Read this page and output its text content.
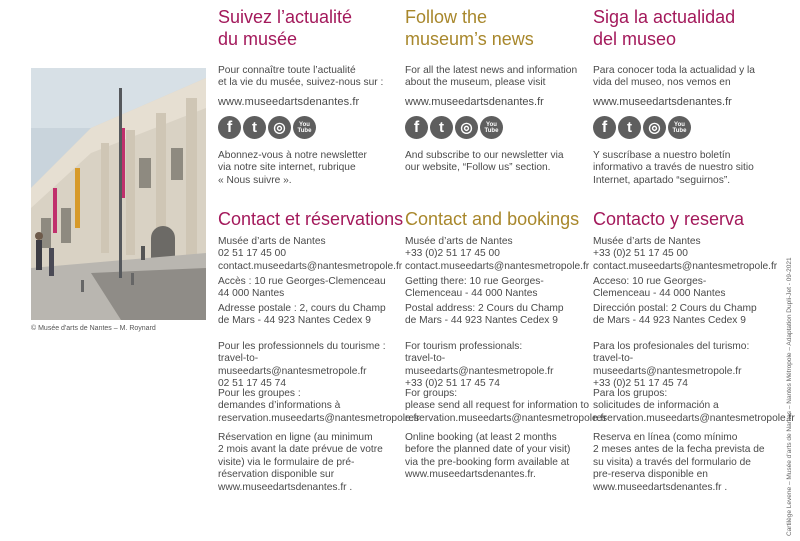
© Musée d'arts de Nantes – M. Roynard
Suivez l’actualité
du musée
Pour connaître toute l’actualité
et la vie du musée, suivez-nous sur :
www.museedartsdenantes.fr
f	t	◎	You
Tube
Abonnez-vous à notre newsletter
via notre site internet, rubrique
« Nous suivre ».
Contact et réservations
Musée d’arts de Nantes
02 51 17 45 00
contact.museedarts@nantesmetropole.fr
Accès : 10 rue Georges-Clemenceau
44 000 Nantes
Adresse postale : 2, cours du Champ
de Mars - 44 923 Nantes Cedex 9
Pour les professionnels du tourisme :
travel-to-museedarts@nantesmetropole.fr
02 51 17 45 74
Pour les groupes :
demandes d’informations à
reservation.museedarts@nantesmetropole.fr
Réservation en ligne (au minimum
2 mois avant la date prévue de votre
visite) via le formulaire de pré-
réservation disponible sur
www.museedartsdenantes.fr .
Follow the
museum’s news
For all the latest news and information
about the museum, please visit
www.museedartsdenantes.fr
f	t	◎	You
Tube
And subscribe to our newsletter via
our website, “Follow us” section.
Contact and bookings
Musée d’arts de Nantes
+33 (0)2 51 17 45 00
contact.museedarts@nantesmetropole.fr
Getting there: 10 rue Georges-
Clemenceau - 44 000 Nantes
Postal address: 2 Cours du Champ
de Mars - 44 923 Nantes Cedex 9
For tourism professionals:
travel-to-museedarts@nantesmetropole.fr
+33 (0)2 51 17 45 74
For groups:
please send all request for information to
reservation.museedarts@nantesmetropole.fr
Online booking (at least 2 months
before the planned date of your visit)
via the pre-booking form available at
www.museedartsdenantes.fr.
Siga la actualidad
del museo
Para conocer toda la actualidad y la
vida del museo, nos vemos en
www.museedartsdenantes.fr
f	t	◎	You
Tube
Y suscríbase a nuestro boletín
informativo a través de nuestro sitio
Internet, apartado “seguirnos”.
Contacto y reserva
Musée d’arts de Nantes
+33 (0)2 51 17 45 00
contact.museedarts@nantesmetropole.fr
Acceso: 10 rue Georges-
Clemenceau - 44 000 Nantes
Dirección postal: 2 Cours du Champ
de Mars - 44 923 Nantes Cedex 9
Para los profesionales del turismo:
travel-to-museedarts@nantesmetropole.fr
+33 (0)2 51 17 45 74
Para los grupos:
solicitudes de información a
reservation.museedarts@nantesmetropole.fr
Reserva en línea (como mínimo
2 meses antes de la fecha prevista de
su visita) a través del formulario de
pre-reserva disponible en
www.museedartsdenantes.fr .	Cartilège Levene – Musée d’arts de Nantes – Nantes Métropole – Adaptation Dupli-Jet - 09-2021
